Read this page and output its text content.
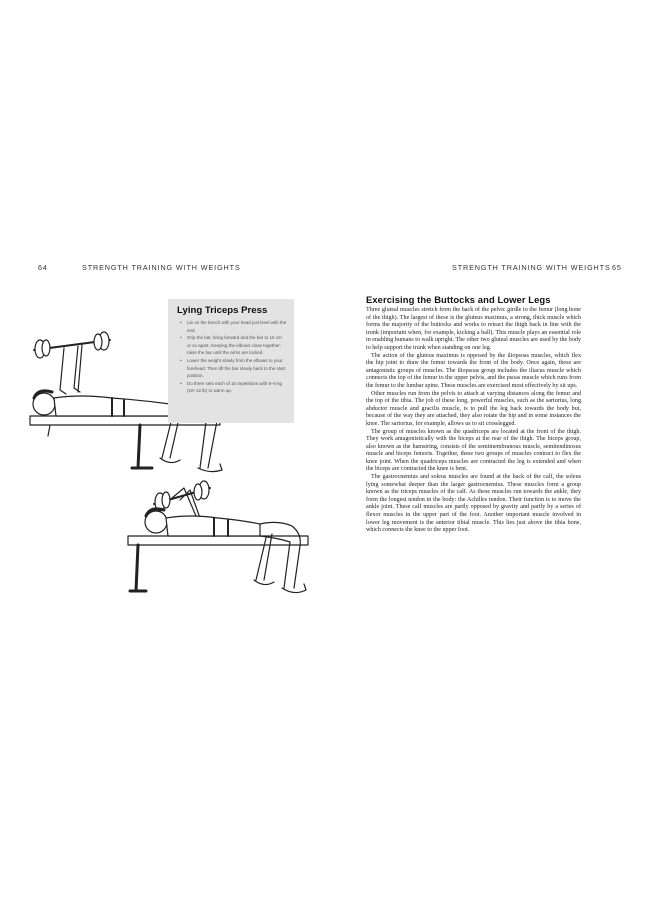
64	STRENGTH TRAINING WITH WEIGHTS	STRENGTH TRAINING WITH WEIGHTS 65
Lying Triceps Press
• Lie on the bench with your head just level with the end.
• Grip the bar, bring forward and the bar to 15 cm or so apart. Keeping the elbows close together, raise the bar until the arms are locked.
• Lower the weight slowly from the elbows to your forehead. Then lift the bar slowly back to the start position.
• Do three sets each of 10 repetitions with 5–6 kg (10–12 lb) to warm up.
Exercising the Buttocks and Lower Legs

Three gluteal muscles stretch from the back of the pelvic girdle to the femur (long bone of the thigh). The largest of these is the gluteus maximus, a strong, thick muscle which forms the majority of the buttocks and works to retract the thigh back in line with the trunk (important when, for example, kicking a ball). This muscle plays an essential role in enabling humans to walk upright. The other two gluteal muscles are used by the body to help support the trunk when standing on one leg.

The action of the gluteus maximus is opposed by the iliopsoas muscles, which flex the hip joint to draw the femur towards the front of the body. Once again, these are antagonistic groups of muscles. The iliopsoas group includes the iliacus muscle which connects the top of the femur to the upper pelvis, and the psoas muscle which runs from the femur to the lumbar spine. These muscles are exercised most effectively by sit ups.

Other muscles run from the pelvis to attach at varying distances along the femur and the top of the tibia. The job of these long, powerful muscles, such as the sartorius, long abductor muscle and gracilis muscle, is to pull the leg back towards the body but, because of the way they are attached, they also rotate the hip and in some instances the knee. The sartorius, for example, allows us to sit crosslegged.

The group of muscles known as the quadriceps are located at the front of the thigh. They work antagonistically with the biceps at the rear of the thigh. The biceps group, also known as the hamstring, consists of the semimembranous muscle, semitendinosus muscle and biceps femoris. Together, these two groups of muscles contract to flex the knee joint. When the quadriceps muscles are contracted the leg is extended and when the biceps are contracted the knee is bent.

The gastrocnemius and soleus muscles are found at the back of the calf, the soleus lying somewhat deeper than the larger gastrocnemius. These muscles form a group known as the triceps muscles of the calf. As these muscles run towards the ankle, they form the longest tendon in the body: the Achilles tendon. Their function is to move the ankle joint. These calf muscles are partly opposed by gravity and partly by a series of flexor muscles in the upper part of the foot. Another important muscle involved in lower leg movement is the anterior tibial muscle. This lies just above the tibia bone, which connects the knee to the upper foot.
